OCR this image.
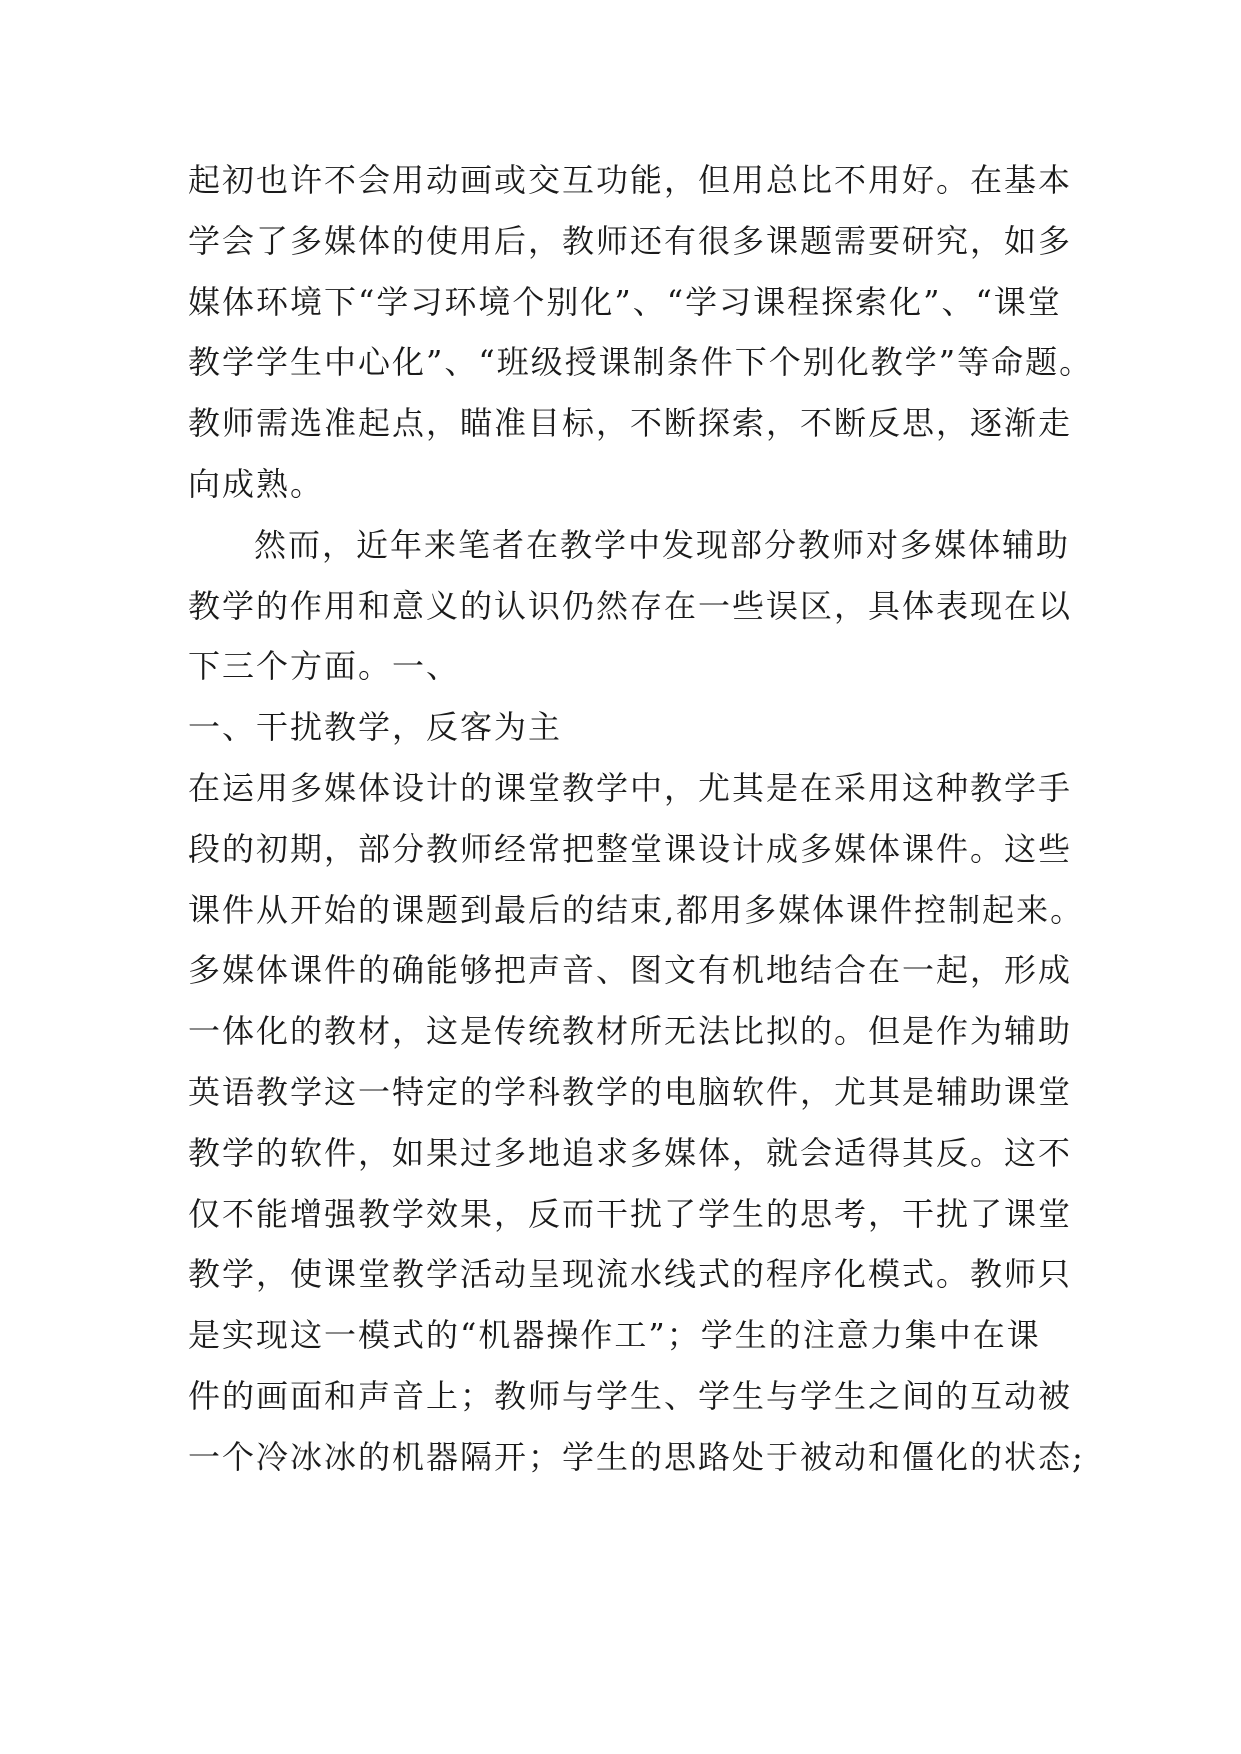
起初也许不会用动画或交互功能，但用总比不用好。在基本
学会了多媒体的使用后，教师还有很多课题需要研究，如多
媒体环境下“学习环境个别化”、“学习课程探索化”、“课堂
教学学生中心化”、“班级授课制条件下个别化教学”等命题。
教师需选准起点，瞄准目标，不断探索，不断反思，逐渐走
向成熟。
然而，近年来笔者在教学中发现部分教师对多媒体辅助
教学的作用和意义的认识仍然存在一些误区，具体表现在以
下三个方面。一、
一、干扰教学，反客为主
在运用多媒体设计的课堂教学中，尤其是在采用这种教学手
段的初期，部分教师经常把整堂课设计成多媒体课件。这些
课件从开始的课题到最后的结束,都用多媒体课件控制起来。
多媒体课件的确能够把声音、图文有机地结合在一起，形成
一体化的教材，这是传统教材所无法比拟的。但是作为辅助
英语教学这一特定的学科教学的电脑软件，尤其是辅助课堂
教学的软件，如果过多地追求多媒体，就会适得其反。这不
仅不能增强教学效果，反而干扰了学生的思考，干扰了课堂
教学，使课堂教学活动呈现流水线式的程序化模式。教师只
是实现这一模式的“机器操作工”；学生的注意力集中在课
件的画面和声音上；教师与学生、学生与学生之间的互动被
一个冷冰冰的机器隔开；学生的思路处于被动和僵化的状态;
